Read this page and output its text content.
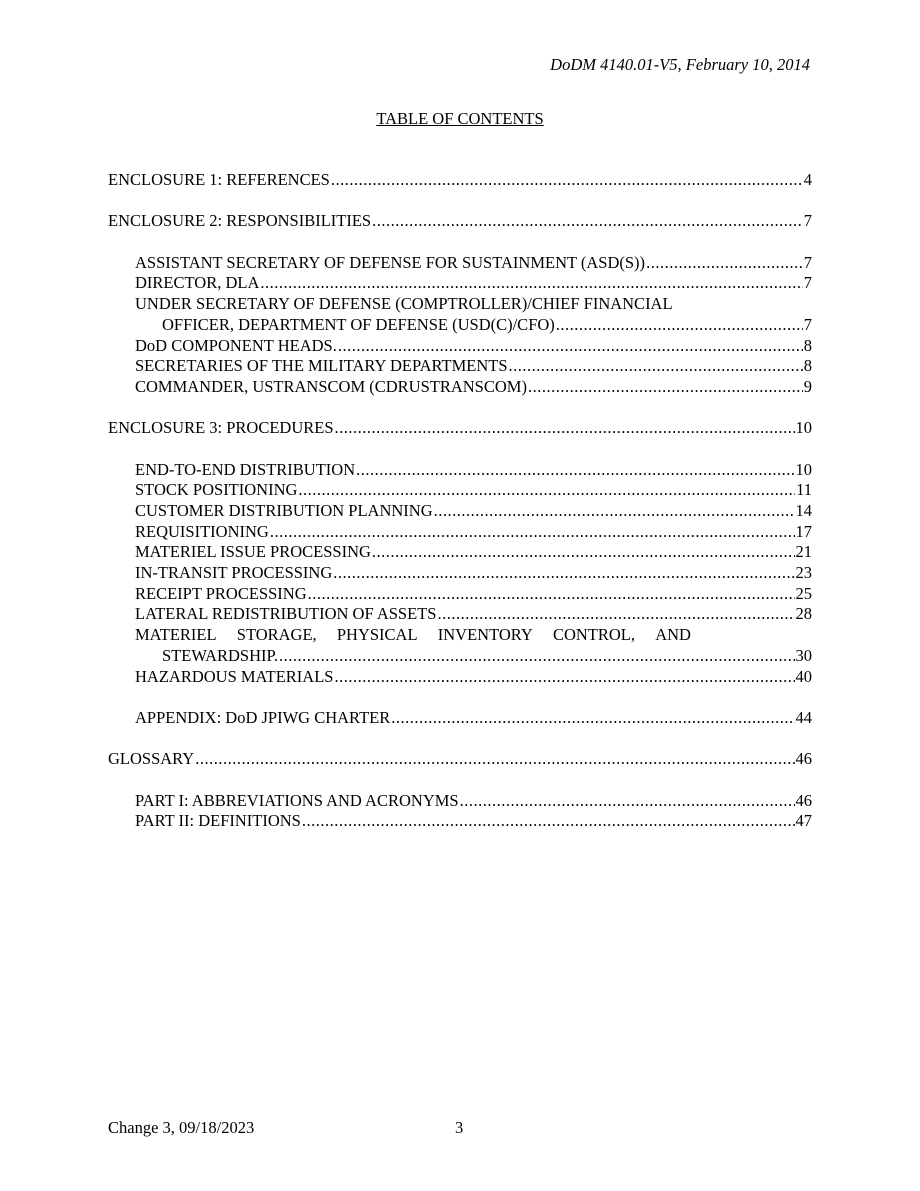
DoDM 4140.01-V5, February 10, 2014
TABLE OF CONTENTS
ENCLOSURE 1: REFERENCES .....	4
ENCLOSURE 2: RESPONSIBILITIES .....	7
ASSISTANT SECRETARY OF DEFENSE FOR SUSTAINMENT (ASD(S)) .....	7
DIRECTOR, DLA .....	7
UNDER SECRETARY OF DEFENSE (COMPTROLLER)/CHIEF FINANCIAL
OFFICER, DEPARTMENT OF DEFENSE (USD(C)/CFO) .....	7
DoD COMPONENT HEADS. .....	8
SECRETARIES OF THE MILITARY DEPARTMENTS .....	8
COMMANDER, USTRANSCOM (CDRUSTRANSCOM) .....	9
ENCLOSURE 3: PROCEDURES .....	10
END-TO-END DISTRIBUTION .....	10
STOCK POSITIONING .....	11
CUSTOMER DISTRIBUTION PLANNING .....	14
REQUISITIONING .....	17
MATERIEL ISSUE PROCESSING .....	21
IN-TRANSIT PROCESSING .....	23
RECEIPT PROCESSING .....	25
LATERAL REDISTRIBUTION OF ASSETS .....	28
MATERIEL STORAGE, PHYSICAL INVENTORY CONTROL, AND
STEWARDSHIP. .....	30
HAZARDOUS MATERIALS .....	40
APPENDIX: DoD JPIWG CHARTER .....	44
GLOSSARY .....	46
PART I: ABBREVIATIONS AND ACRONYMS .....	46
PART II: DEFINITIONS .....	47
Change 3, 09/18/2023	3
